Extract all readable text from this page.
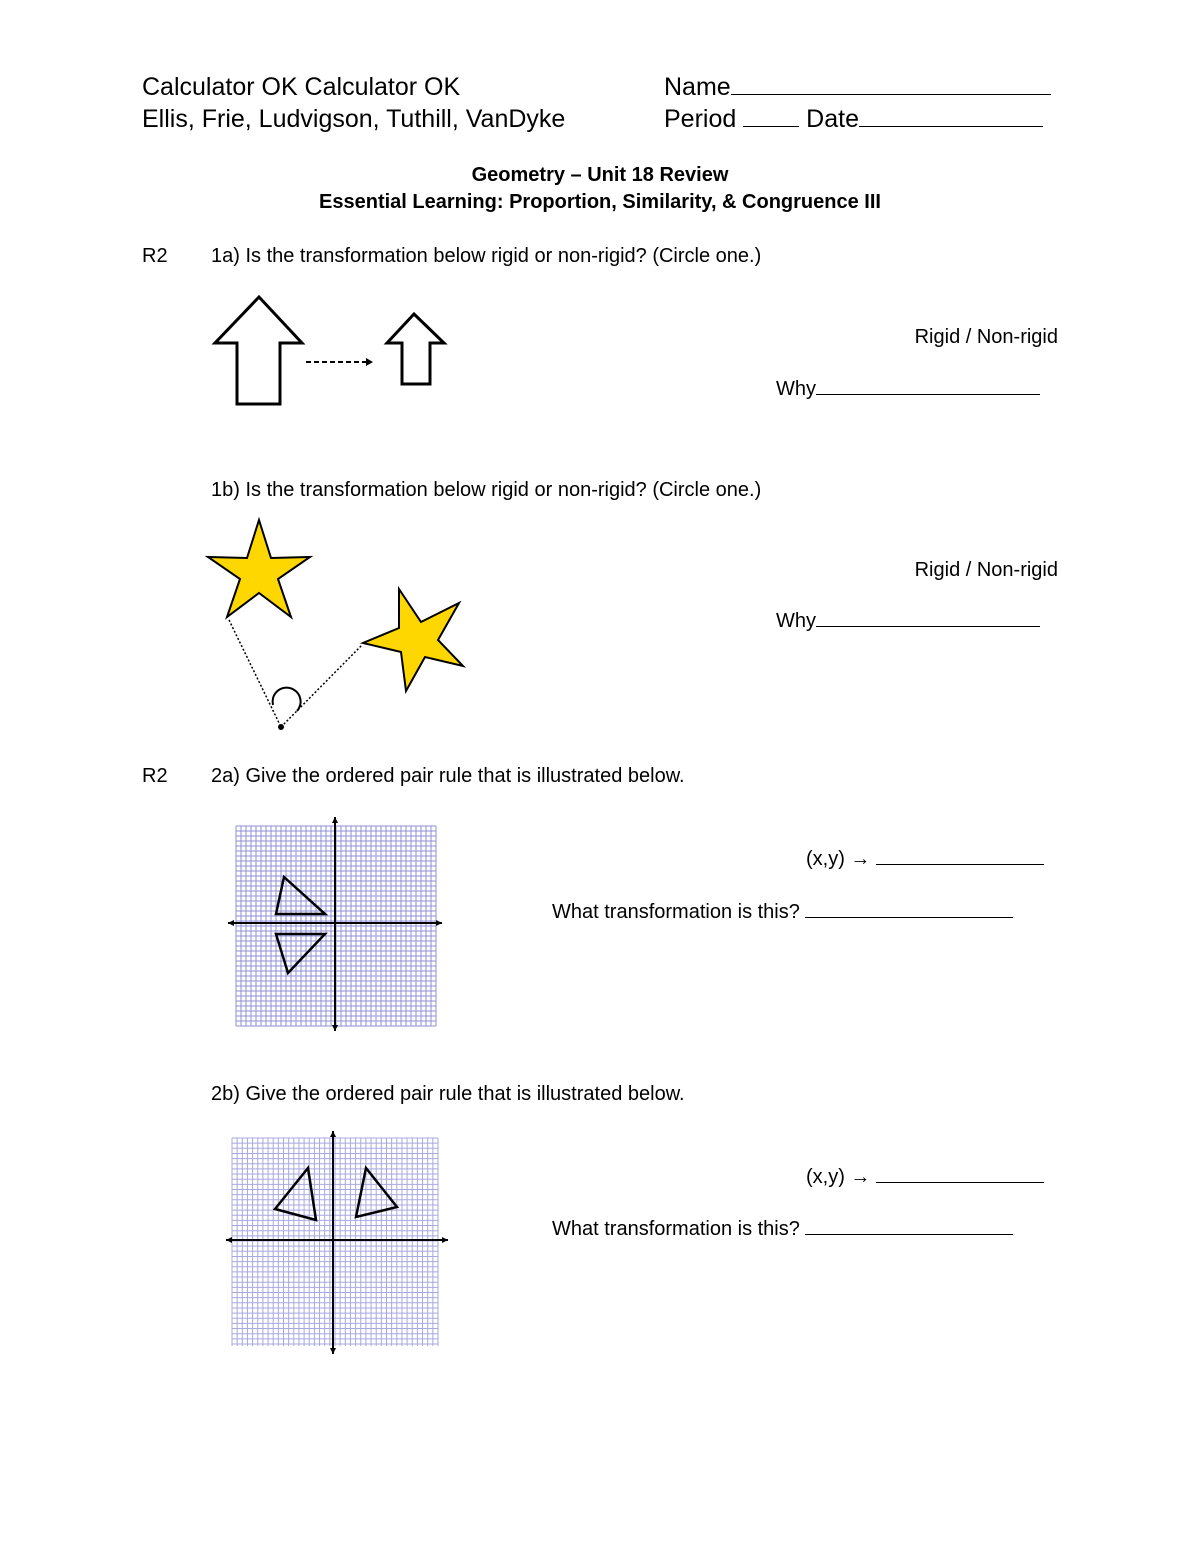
Calculator OK Calculator OK
Ellis, Frie, Ludvigson, Tuthill, VanDyke
Name
Period	Date
Geometry – Unit 18 Review
Essential Learning: Proportion, Similarity, & Congruence III
R2 1a) Is the transformation below rigid or non-rigid? (Circle one.)
Rigid / Non-rigid
Why
1b) Is the transformation below rigid or non-rigid? (Circle one.)
Rigid / Non-rigid
Why
R2 2a) Give the ordered pair rule that is illustrated below.
(x,y) →
What transformation is this?
2b) Give the ordered pair rule that is illustrated below.
(x,y) →
What transformation is this?
